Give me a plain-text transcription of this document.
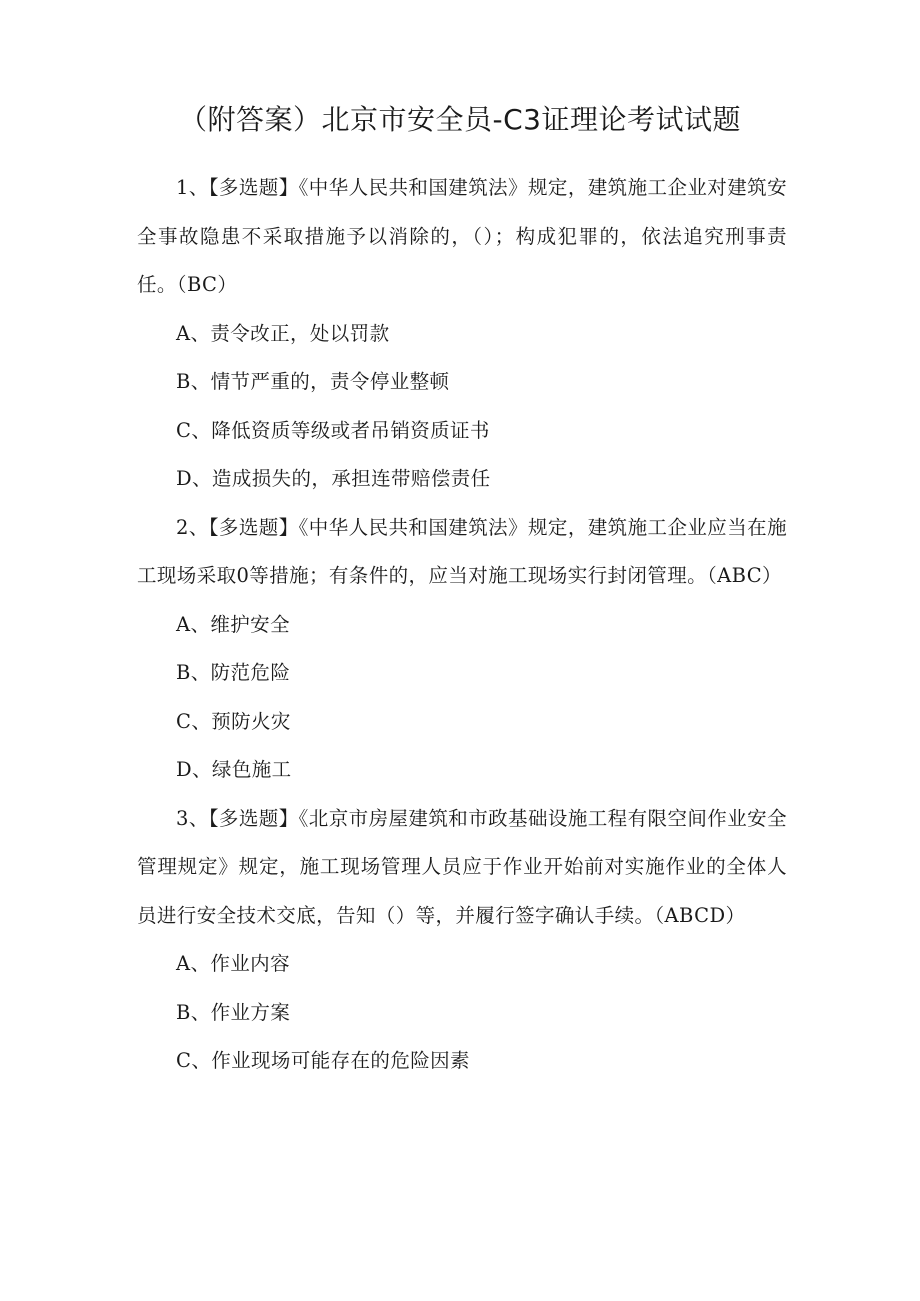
（附答案）北京市安全员-C3证理论考试试题

1、【多选题】《中华人民共和国建筑法》规定，建筑施工企业对建筑安全事故隐患不采取措施予以消除的，（）；构成犯罪的，依法追究刑事责任。（BC）

A、责令改正，处以罚款

B、情节严重的，责令停业整顿

C、降低资质等级或者吊销资质证书

D、造成损失的，承担连带赔偿责任

2、【多选题】《中华人民共和国建筑法》规定，建筑施工企业应当在施工现场采取0等措施；有条件的，应当对施工现场实行封闭管理。（ABC）

A、维护安全

B、防范危险

C、预防火灾

D、绿色施工

3、【多选题】《北京市房屋建筑和市政基础设施工程有限空间作业安全管理规定》规定，施工现场管理人员应于作业开始前对实施作业的全体人员进行安全技术交底，告知（）等，并履行签字确认手续。（ABCD）

A、作业内容

B、作业方案

C、作业现场可能存在的危险因素
